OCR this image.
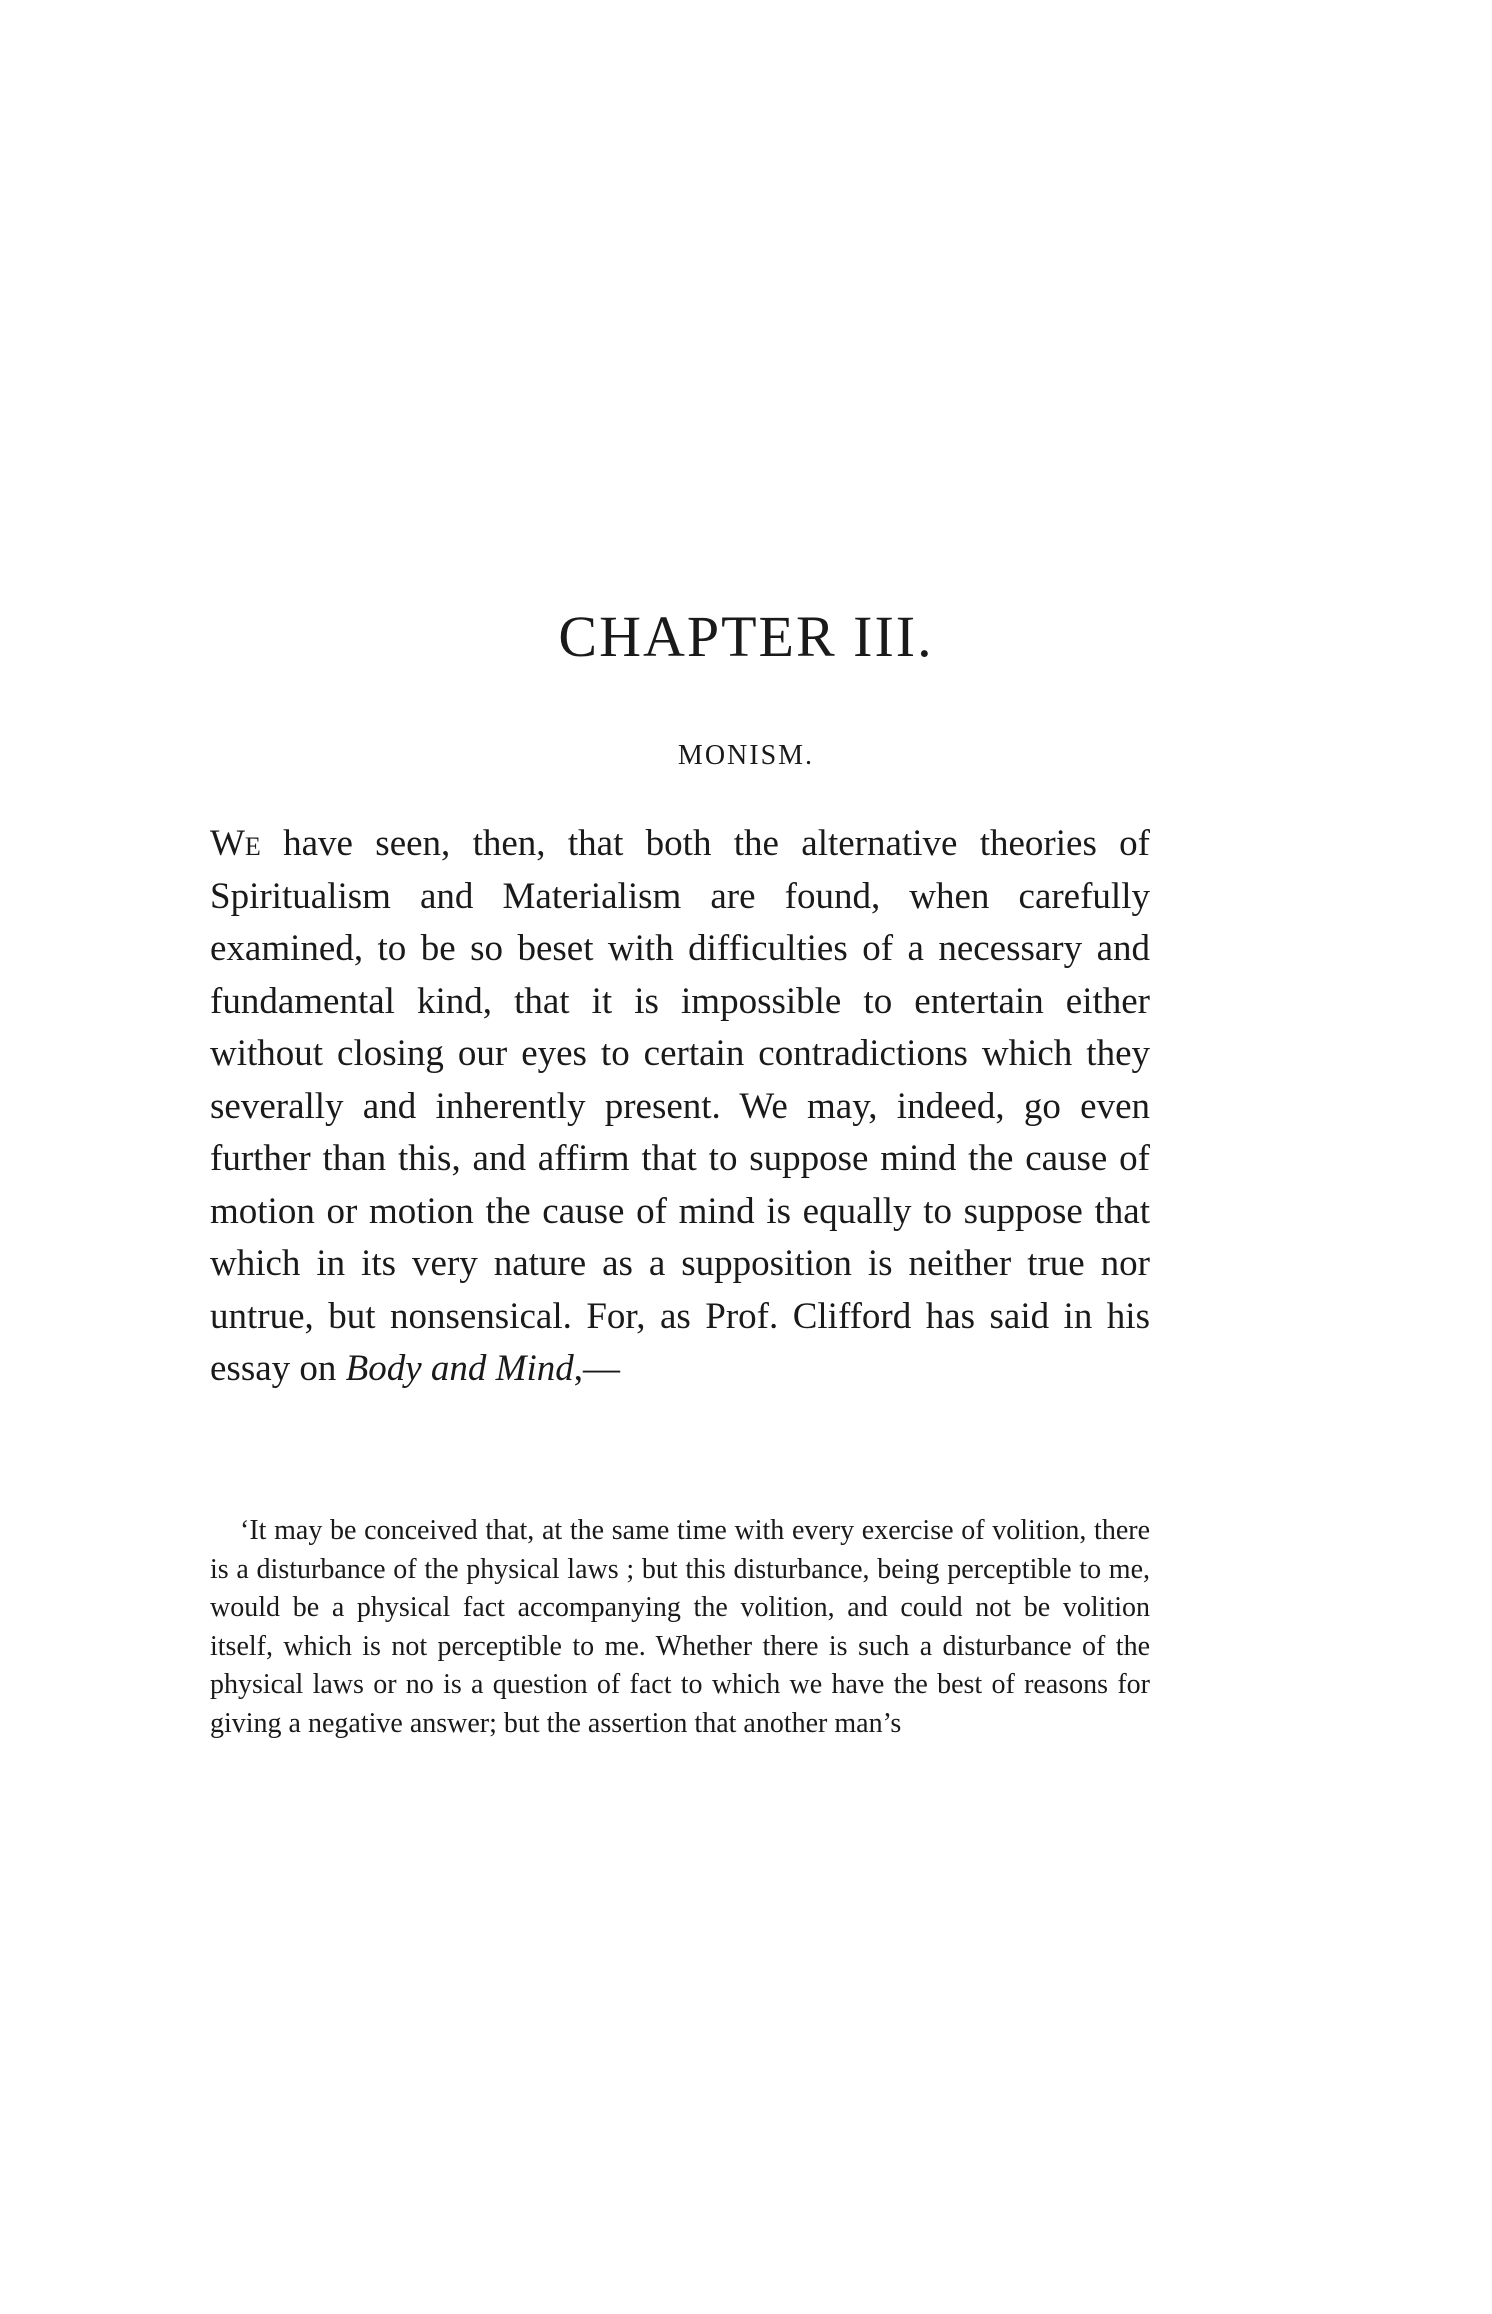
CHAPTER III.
MONISM.

We have seen, then, that both the alternative theories of Spiritualism and Materialism are found, when carefully examined, to be so beset with difficulties of a necessary and fundamental kind, that it is impossible to entertain either without closing our eyes to certain contradictions which they severally and inherently present. We may, indeed, go even further than this, and affirm that to suppose mind the cause of motion or motion the cause of mind is equally to suppose that which in its very nature as a supposition is neither true nor untrue, but nonsensical. For, as Prof. Clifford has said in his essay on Body and Mind,—

‘It may be conceived that, at the same time with every exercise of volition, there is a disturbance of the physical laws ; but this disturbance, being perceptible to me, would be a physical fact accompanying the volition, and could not be volition itself, which is not perceptible to me. Whether there is such a disturbance of the physical laws or no is a question of fact to which we have the best of reasons for giving a negative answer; but the assertion that another man’s
